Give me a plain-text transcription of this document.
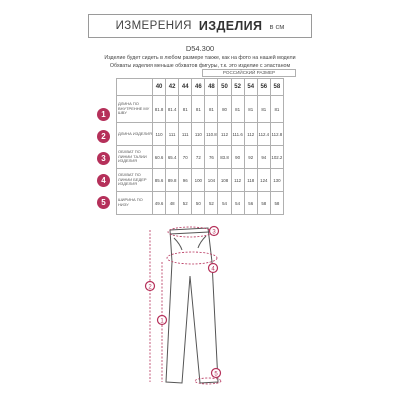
ИЗМЕРЕНИЯ ИЗДЕЛИЯ в см
D54.300
Изделие будет сидеть в любом размере также, как на фото на нашей модели
Обхваты изделия меньше обхватов фигуры, т.к. это изделие с эластаном
РОССИЙСКИЙ РАЗМЕР
	40	42	44	46	48	50	52	54	56	58
ДЛИНА ПО ВНУТРЕННЕ МУ ШВУ	81.8	81.4	81	81	81	80	81	81	81	81
ДЛИНА ИЗДЕЛИЯ	110	111	111	110	110.8	112	111.6	112	112.4	112.8
ОБХВАТ ПО ЛИНИИ ТАЛИИ ИЗДЕЛИЯ	60.6	65.4	70	72	76	83.8	90	92	94	102.2
ОБХВАТ ПО ЛИНИИ БЕДЕР ИЗДЕЛИЯ	85.6	89.8	96	100	104	108	112	118	124	130
ШИРИНА ПО НИЗУ	49.6	48	52	50	52	54	54	56	58	58
1
2
3
4
5
3
4
2
1
5
